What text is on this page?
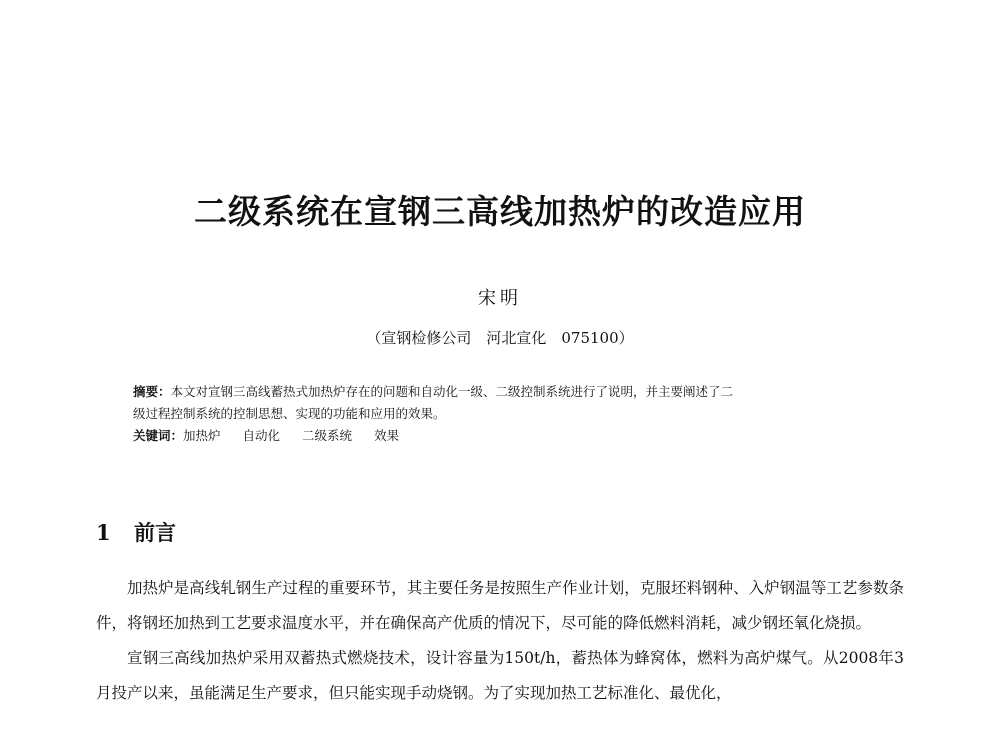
二级系统在宣钢三高线加热炉的改造应用
宋明
（宣钢检修公司　河北宣化　075100）
摘要：本文对宣钢三高线蓄热式加热炉存在的问题和自动化一级、二级控制系统进行了说明，并主要阐述了二
级过程控制系统的控制思想、实现的功能和应用的效果。
关键词：加热炉 自动化 二级系统 效果
1 前言

加热炉是高线轧钢生产过程的重要环节，其主要任务是按照生产作业计划，克服坯料钢种、入炉钢温等工艺参数条件，将钢坯加热到工艺要求温度水平，并在确保高产优质的情况下，尽可能的降低燃料消耗，减少钢坯氧化烧损。

宣钢三高线加热炉采用双蓄热式燃烧技术，设计容量为150t/h，蓄热体为蜂窝体，燃料为高炉煤气。从2008年3月投产以来，虽能满足生产要求，但只能实现手动烧钢。为了实现加热工艺标准化、最优化，
